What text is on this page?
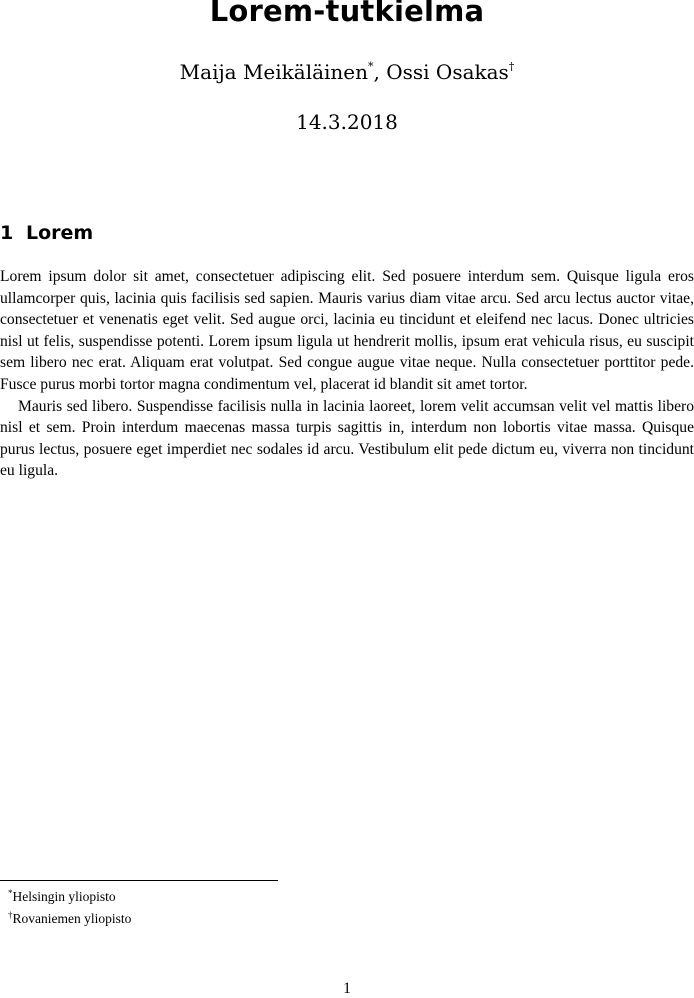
Lorem-tutkielma
Maija Meikäläinen*, Ossi Osakas†
14.3.2018
1 Lorem

Lorem ipsum dolor sit amet, consectetuer adipiscing elit. Sed posuere interdum sem. Quisque ligula eros ullamcorper quis, lacinia quis facilisis sed sapien. Mauris varius diam vitae arcu. Sed arcu lectus auctor vitae, consectetuer et venenatis eget velit. Sed augue orci, lacinia eu tincidunt et eleifend nec lacus. Donec ultricies nisl ut felis, suspendisse potenti. Lorem ipsum ligula ut hendrerit mollis, ipsum erat vehicula risus, eu suscipit sem libero nec erat. Aliquam erat volutpat. Sed congue augue vitae neque. Nulla consectetuer porttitor pede. Fusce purus morbi tortor magna condimentum vel, placerat id blandit sit amet tortor.

Mauris sed libero. Suspendisse facilisis nulla in lacinia laoreet, lorem velit accumsan velit vel mattis libero nisl et sem. Proin interdum maecenas massa turpis sagittis in, interdum non lobortis vitae massa. Quisque purus lectus, posuere eget imperdiet nec sodales id arcu. Vestibulum elit pede dictum eu, viverra non tincidunt eu ligula.

*Helsingin yliopisto
†Rovaniemen yliopisto
1
